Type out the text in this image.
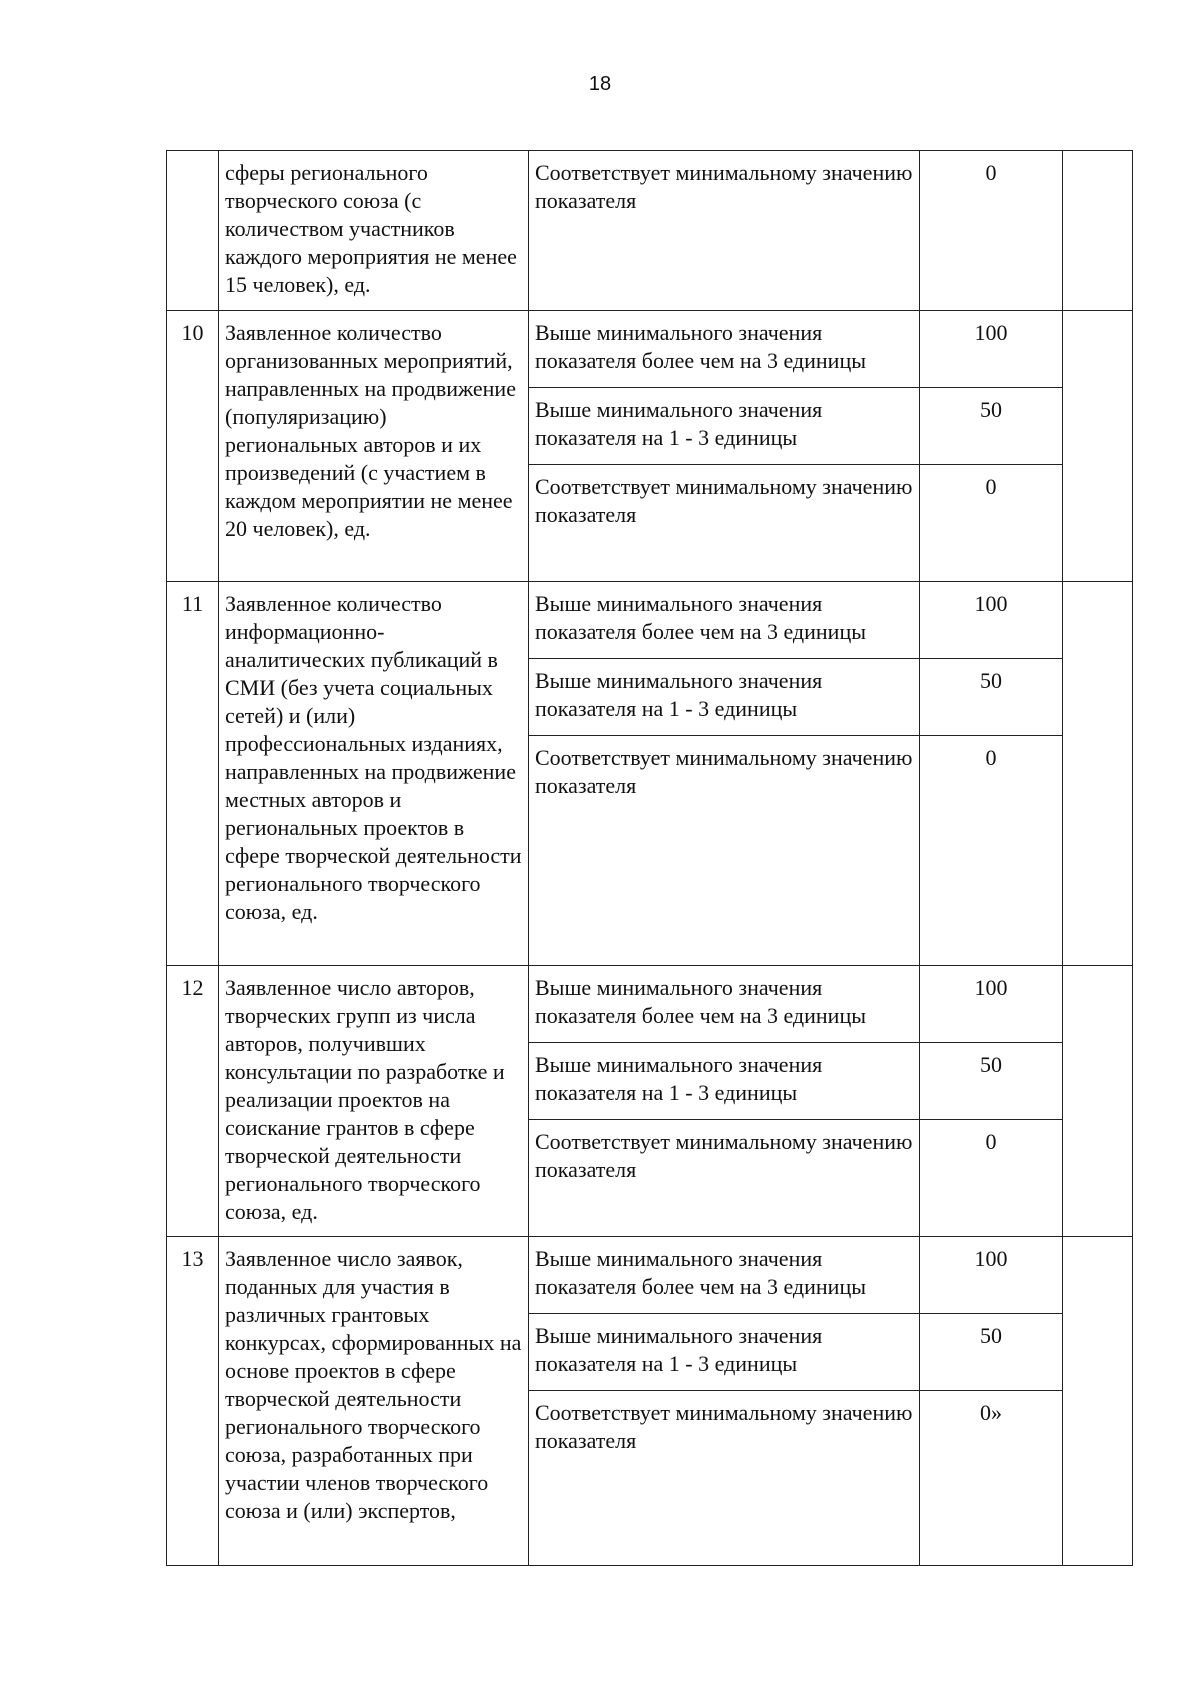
18
	сферы регионального творческого союза (с количеством участников каждого мероприятия не менее 15 человек), ед.	Соответствует минимальному значению показателя	0	
10	Заявленное количество организованных мероприятий, направленных на продвижение (популяризацию) региональных авторов и их произведений (с участием в каждом мероприятии не менее 20 человек), ед.	Выше минимального значения показателя более чем на 3 единицы	100	
		Выше минимального значения показателя на 1 - 3 единицы	50	
		Соответствует минимальному значению показателя	0	
11	Заявленное количество информационно-аналитических публикаций в СМИ (без учета социальных сетей) и (или) профессиональных изданиях, направленных на продвижение местных авторов и региональных проектов в сфере творческой деятельности регионального творческого союза, ед.	Выше минимального значения показателя более чем на 3 единицы	100	
		Выше минимального значения показателя на 1 - 3 единицы	50	
		Соответствует минимальному значению показателя	0	
12	Заявленное число авторов, творческих групп из числа авторов, получивших консультации по разработке и реализации проектов на соискание грантов в сфере творческой деятельности регионального творческого союза, ед.	Выше минимального значения показателя более чем на 3 единицы	100	
		Выше минимального значения показателя на 1 - 3 единицы	50	
		Соответствует минимальному значению показателя	0	
13	Заявленное число заявок, поданных для участия в различных грантовых конкурсах, сформированных на основе проектов в сфере творческой деятельности регионального творческого союза, разработанных при участии членов творческого союза и (или) экспертов,	Выше минимального значения показателя более чем на 3 единицы	100	
		Выше минимального значения показателя на 1 - 3 единицы	50	
		Соответствует минимальному значению показателя	0»	
